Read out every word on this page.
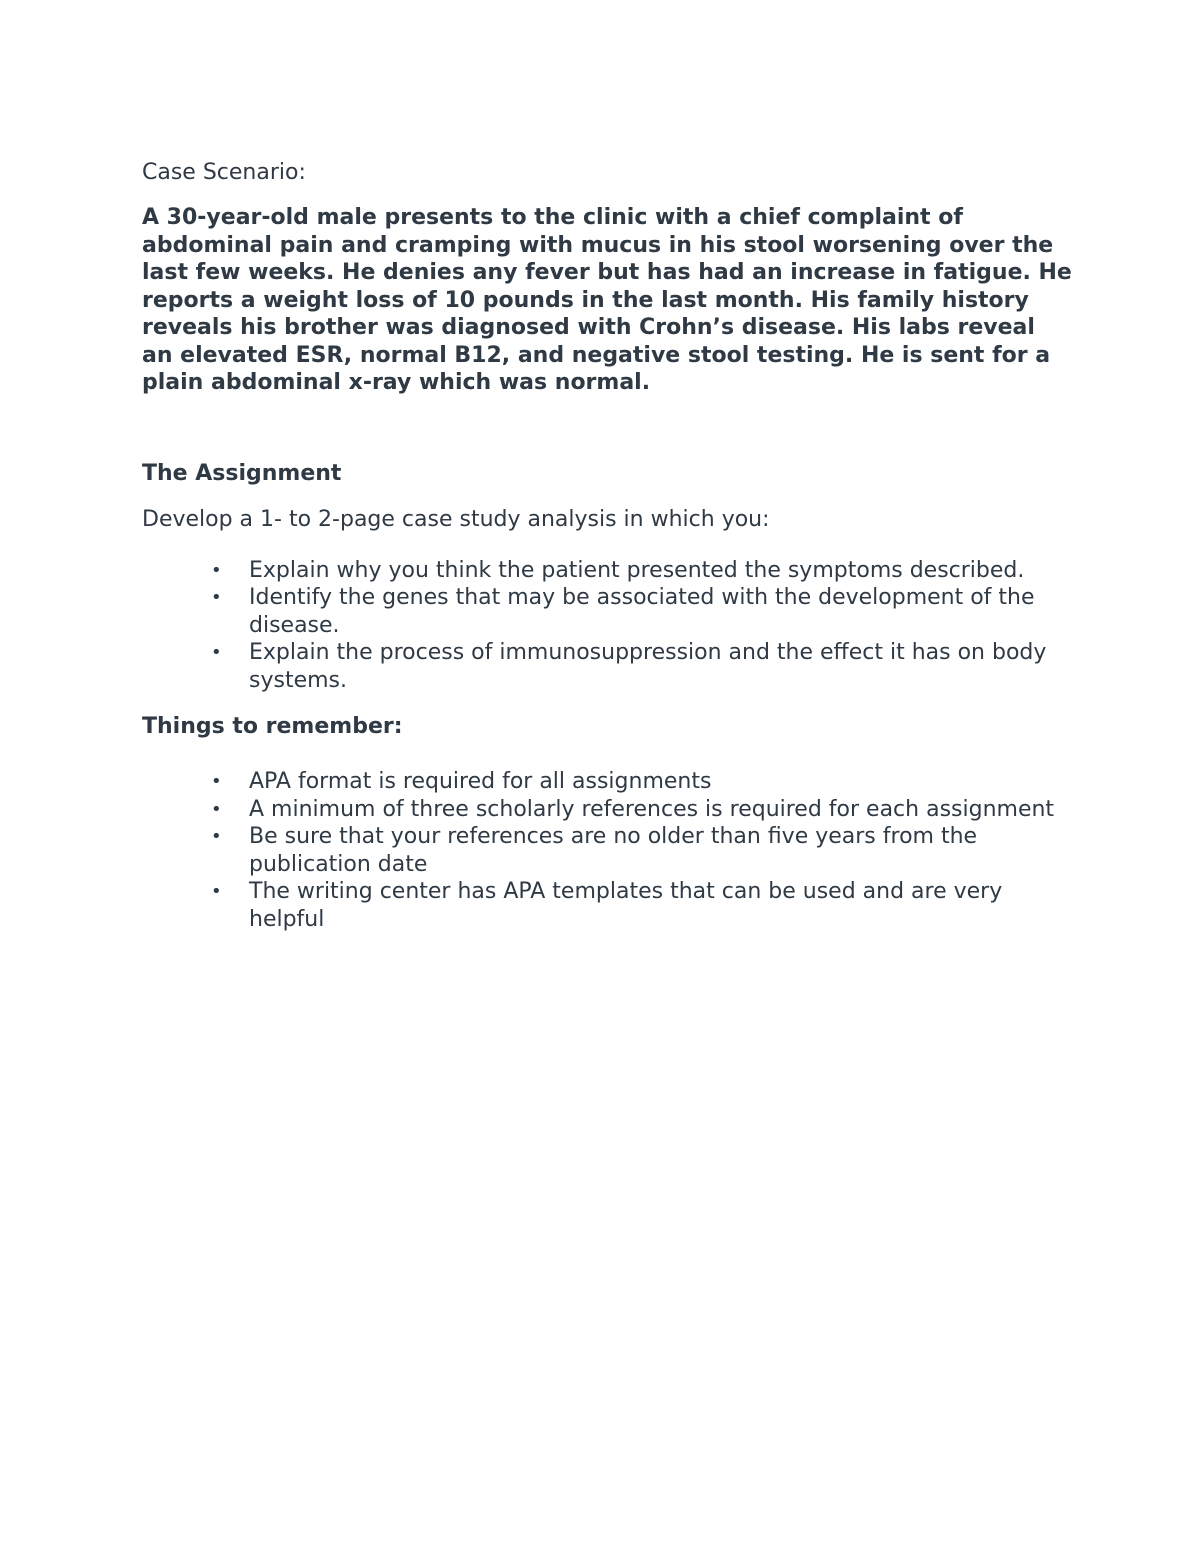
Case Scenario:

A 30-year-old male presents to the clinic with a chief complaint of abdominal pain and cramping with mucus in his stool worsening over the last few weeks. He denies any fever but has had an increase in fatigue. He reports a weight loss of 10 pounds in the last month. His family history reveals his brother was diagnosed with Crohn’s disease. His labs reveal an elevated ESR, normal B12, and negative stool testing. He is sent for a plain abdominal x-ray which was normal.

The Assignment

Develop a 1- to 2-page case study analysis in which you:

• Explain why you think the patient presented the symptoms described.
• Identify the genes that may be associated with the development of the disease.
• Explain the process of immunosuppression and the effect it has on body systems.

Things to remember:

• APA format is required for all assignments
• A minimum of three scholarly references is required for each assignment
• Be sure that your references are no older than five years from the publication date
• The writing center has APA templates that can be used and are very helpful
